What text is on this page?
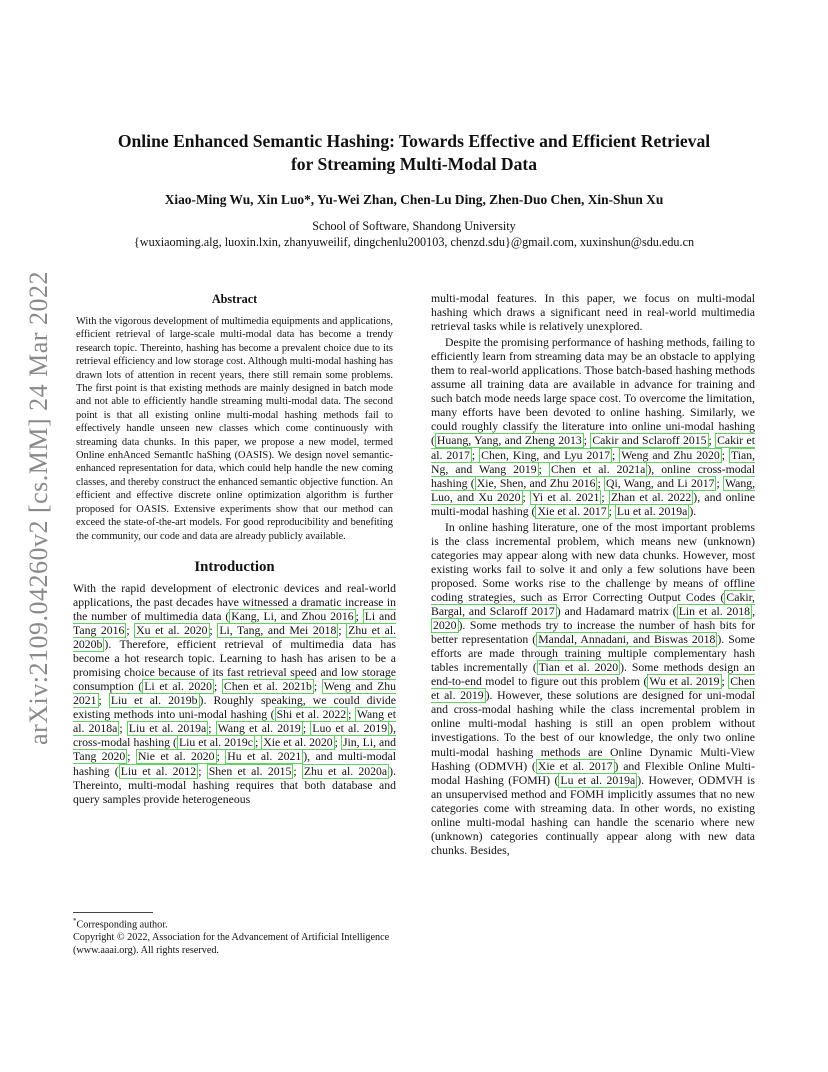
arXiv:2109.04260v2 [cs.MM] 24 Mar 2022
Online Enhanced Semantic Hashing: Towards Effective and Efficient Retrieval
for Streaming Multi-Modal Data
Xiao-Ming Wu, Xin Luo*, Yu-Wei Zhan, Chen-Lu Ding, Zhen-Duo Chen, Xin-Shun Xu
School of Software, Shandong University
{wuxiaoming.alg, luoxin.lxin, zhanyuweilif, dingchenlu200103, chenzd.sdu}@gmail.com, xuxinshun@sdu.edu.cn
Abstract

With the vigorous development of multimedia equipments and applications, efficient retrieval of large-scale multi-modal data has become a trendy research topic. Thereinto, hashing has become a prevalent choice due to its retrieval efficiency and low storage cost. Although multi-modal hashing has drawn lots of attention in recent years, there still remain some problems. The first point is that existing methods are mainly designed in batch mode and not able to efficiently handle streaming multi-modal data. The second point is that all existing online multi-modal hashing methods fail to effectively handle unseen new classes which come continuously with streaming data chunks. In this paper, we propose a new model, termed Online enhAnced SemantIc haShing (OASIS). We design novel semantic-enhanced representation for data, which could help handle the new coming classes, and thereby construct the enhanced semantic objective function. An efficient and effective discrete online optimization algorithm is further proposed for OASIS. Extensive experiments show that our method can exceed the state-of-the-art models. For good reproducibility and benefiting the community, our code and data are already publicly available.

Introduction

With the rapid development of electronic devices and real-world applications, the past decades have witnessed a dramatic increase in the number of multimedia data ( Kang, Li, and Zhou 2016 ; Li and Tang 2016 ; Xu et al. 2020 ; Li, Tang, and Mei 2018 ; Zhu et al. 2020b ). Therefore, efficient retrieval of multimedia data has become a hot research topic. Learning to hash has arisen to be a promising choice because of its fast retrieval speed and low storage consumption ( Li et al. 2020 ; Chen et al. 2021b ; Weng and Zhu 2021 ; Liu et al. 2019b ). Roughly speaking, we could divide existing methods into uni-modal hashing ( Shi et al. 2022 ; Wang et al. 2018a ; Liu et al. 2019a ; Wang et al. 2019 ; Luo et al. 2019 ), cross-modal hashing ( Liu et al. 2019c ; Xie et al. 2020 ; Jin, Li, and Tang 2020 ; Nie et al. 2020 ; Hu et al. 2021 ), and multi-modal hashing ( Liu et al. 2012 ; Shen et al. 2015 ; Zhu et al. 2020a ). Thereinto, multi-modal hashing requires that both database and query samples provide heterogeneous

multi-modal features. In this paper, we focus on multi-modal hashing which draws a significant need in real-world multimedia retrieval tasks while is relatively unexplored.

Despite the promising performance of hashing methods, failing to efficiently learn from streaming data may be an obstacle to applying them to real-world applications. Those batch-based hashing methods assume all training data are available in advance for training and such batch mode needs large space cost. To overcome the limitation, many efforts have been devoted to online hashing. Similarly, we could roughly classify the literature into online uni-modal hashing ( Huang, Yang, and Zheng 2013 ; Cakir and Sclaroff 2015 ; Cakir et al. 2017 ; Chen, King, and Lyu 2017 ; Weng and Zhu 2020 ; Tian, Ng, and Wang 2019 ; Chen et al. 2021a ), online cross-modal hashing ( Xie, Shen, and Zhu 2016 ; Qi, Wang, and Li 2017 ; Wang, Luo, and Xu 2020 ; Yi et al. 2021 ; Zhan et al. 2022 ), and online multi-modal hashing ( Xie et al. 2017 ; Lu et al. 2019a ).

In online hashing literature, one of the most important problems is the class incremental problem, which means new (unknown) categories may appear along with new data chunks. However, most existing works fail to solve it and only a few solutions have been proposed. Some works rise to the challenge by means of offline coding strategies, such as Error Correcting Output Codes ( Cakir, Bargal, and Sclaroff 2017 ) and Hadamard matrix ( Lin et al. 2018 , 2020 ). Some methods try to increase the number of hash bits for better representation ( Mandal, Annadani, and Biswas 2018 ). Some efforts are made through training multiple complementary hash tables incrementally ( Tian et al. 2020 ). Some methods design an end-to-end model to figure out this problem ( Wu et al. 2019 ; Chen et al. 2019 ). However, these solutions are designed for uni-modal and cross-modal hashing while the class incremental problem in online multi-modal hashing is still an open problem without investigations. To the best of our knowledge, the only two online multi-modal hashing methods are Online Dynamic Multi-View Hashing (ODMVH) ( Xie et al. 2017 ) and Flexible Online Multi-modal Hashing (FOMH) ( Lu et al. 2019a ). However, ODMVH is an unsupervised method and FOMH implicitly assumes that no new categories come with streaming data. In other words, no existing online multi-modal hashing can handle the scenario where new (unknown) categories continually appear along with new data chunks. Besides,

*Corresponding author.
Copyright © 2022, Association for the Advancement of Artificial Intelligence (www.aaai.org). All rights reserved.
